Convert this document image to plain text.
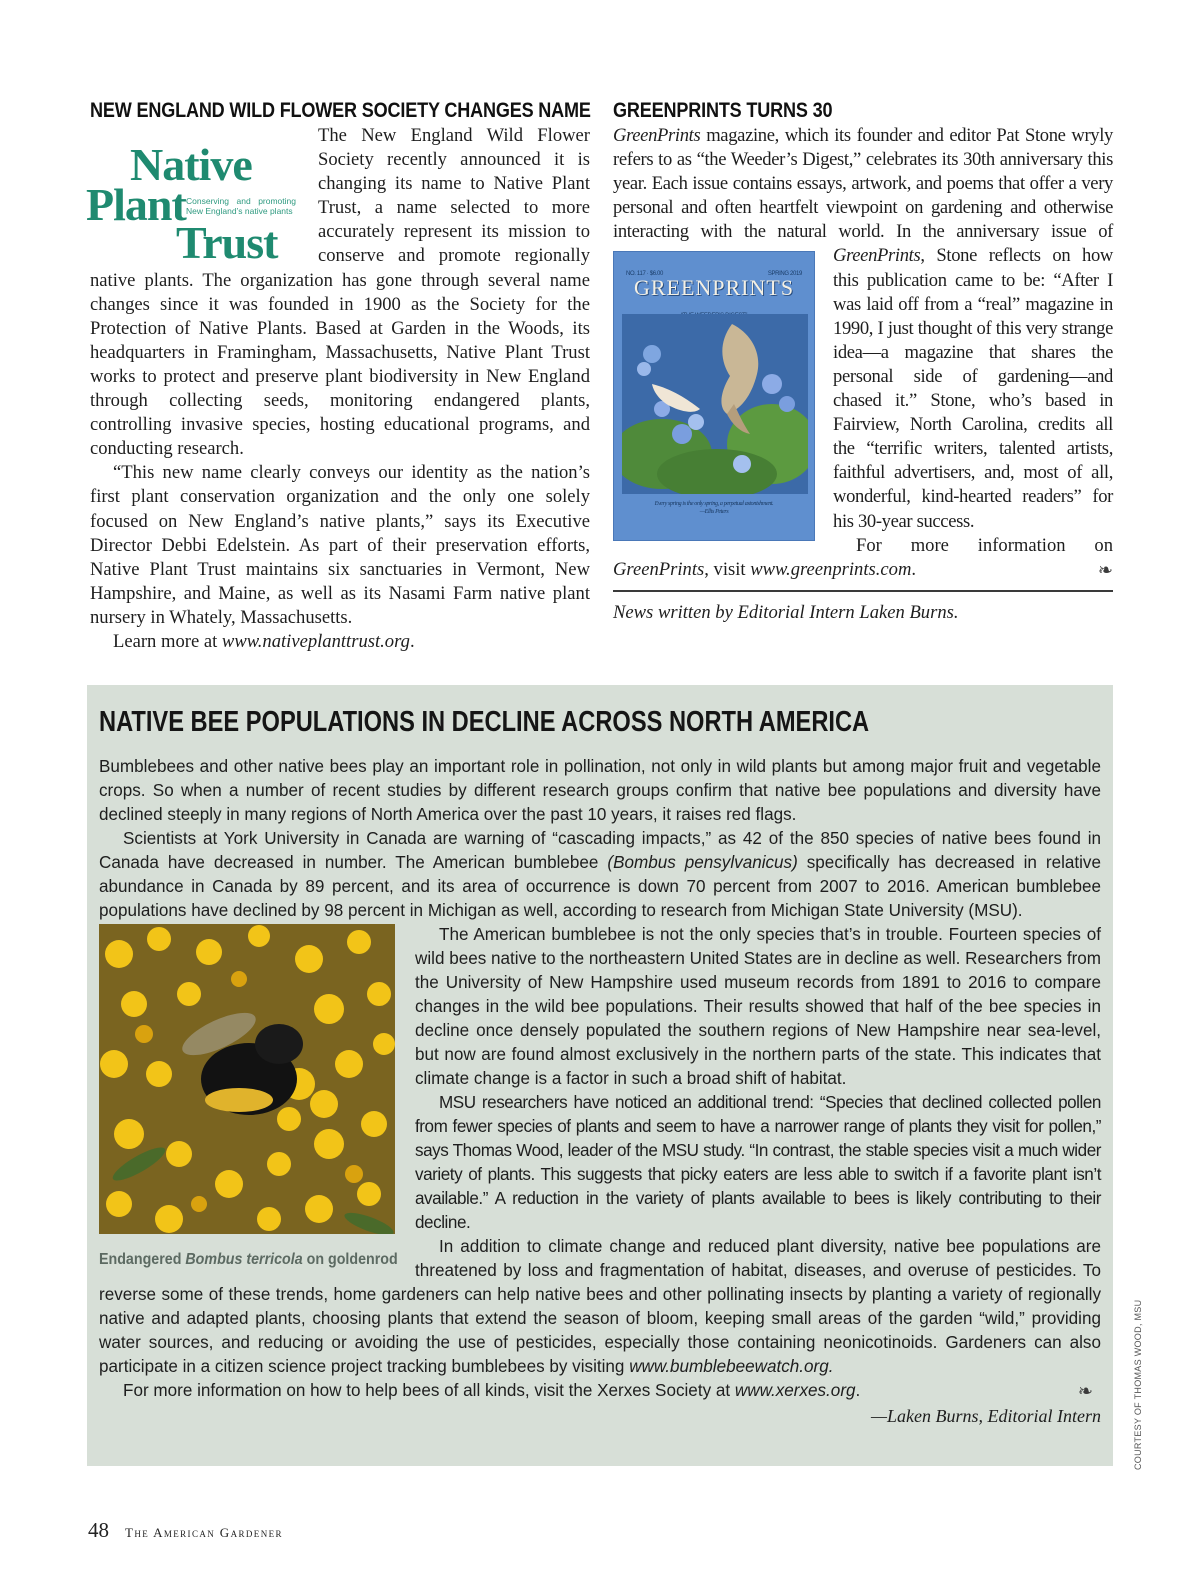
NEW ENGLAND WILD FLOWER SOCIETY CHANGES NAME

Native
Plant Conserving and promoting New England’s native plants
Trust
The New England Wild Flower Society recently announced it is changing its name to Native Plant Trust, a name selected to more accurately represent its mission to conserve and promote regionally native plants. The organization has gone through several name changes since it was founded in 1900 as the Society for the Protection of Native Plants. Based at Garden in the Woods, its headquarters in Framingham, Massachusetts, Native Plant Trust works to protect and preserve plant biodiversity in New England through collecting seeds, monitoring endangered plants, controlling invasive species, hosting educational programs, and conducting research.

“This new name clearly conveys our identity as the nation’s first plant conservation organization and the only one solely focused on New England’s native plants,” says its Executive Director Debbi Edelstein. As part of their preservation efforts, Native Plant Trust maintains six sanctuaries in Vermont, New Hampshire, and Maine, as well as its Nasami Farm native plant nursery in Whately, Massachusetts.

Learn more at www.nativeplanttrust.org.

GREENPRINTS TURNS 30

GreenPrints magazine, which its founder and editor Pat Stone wryly refers to as “the Weeder’s Digest,” celebrates its 30th anniversary this year. Each issue contains essays, artwork, and poems that offer a very personal and often heartfelt viewpoint on gardening and otherwise interacting with the natural world. In the anniversary issue of
NO. 117 · $6.00	SPRING 2019
GREENPRINTS
Every spring is the only spring, a perpetual astonishment.
—Ellis Peters
GreenPrints, Stone reflects on how this publication came to be: “After I was laid off from a “real” magazine in 1990, I just thought of this very strange idea—a magazine that shares the personal side of gardening—and chased it.” Stone, who’s based in Fairview, North Carolina, credits all the “terrific writers, talented artists, faithful advertisers, and, most of all, wonderful, kind-hearted readers” for his 30-year success.

For more information on GreenPrints, visit www.greenprints.com.	❧

News written by Editorial Intern Laken Burns.
NATIVE BEE POPULATIONS IN DECLINE ACROSS NORTH AMERICA

Bumblebees and other native bees play an important role in pollination, not only in wild plants but among major fruit and vegetable crops. So when a number of recent studies by different research groups confirm that native bee populations and diversity have declined steeply in many regions of North America over the past 10 years, it raises red flags.

Scientists at York University in Canada are warning of “cascading impacts,” as 42 of the 850 species of native bees found in Canada have decreased in number. The American bumblebee (Bombus pensylvanicus) specifically has decreased in relative abundance in Canada by 89 percent, and its area of occurrence is down 70 percent from 2007 to 2016. American bumblebee populations have declined by 98 percent in Michigan as well, according to research from Michigan State University (MSU).

Endangered Bombus terricola on goldenrod

The American bumblebee is not the only species that’s in trouble. Fourteen species of wild bees native to the northeastern United States are in decline as well. Researchers from the University of New Hampshire used museum records from 1891 to 2016 to compare changes in the wild bee populations. Their results showed that half of the bee species in decline once densely populated the southern regions of New Hampshire near sea-level, but now are found almost exclusively in the northern parts of the state. This indicates that climate change is a factor in such a broad shift of habitat.

MSU researchers have noticed an additional trend: “Species that declined collected pollen from fewer species of plants and seem to have a narrower range of plants they visit for pollen,” says Thomas Wood, leader of the MSU study. “In contrast, the stable species visit a much wider variety of plants. This suggests that picky eaters are less able to switch if a favorite plant isn’t available.” A reduction in the variety of plants available to bees is likely contributing to their decline.

In addition to climate change and reduced plant diversity, native bee populations are threatened by loss and fragmentation of habitat, diseases, and overuse of pesticides. To reverse some of these trends, home gardeners can help native bees and other pollinating insects by planting a variety of regionally native and adapted plants, choosing plants that extend the season of bloom, keeping small areas of the garden “wild,” providing water sources, and reducing or avoiding the use of pesticides, especially those containing neonicotinoids. Gardeners can also participate in a citizen science project tracking bumblebees by visiting www.bumblebeewatch.org.

For more information on how to help bees of all kinds, visit the Xerxes Society at www.xerxes.org.	❧

—Laken Burns, Editorial Intern	COURTESY OF THOMAS WOOD, MSU
48 The American Gardener
